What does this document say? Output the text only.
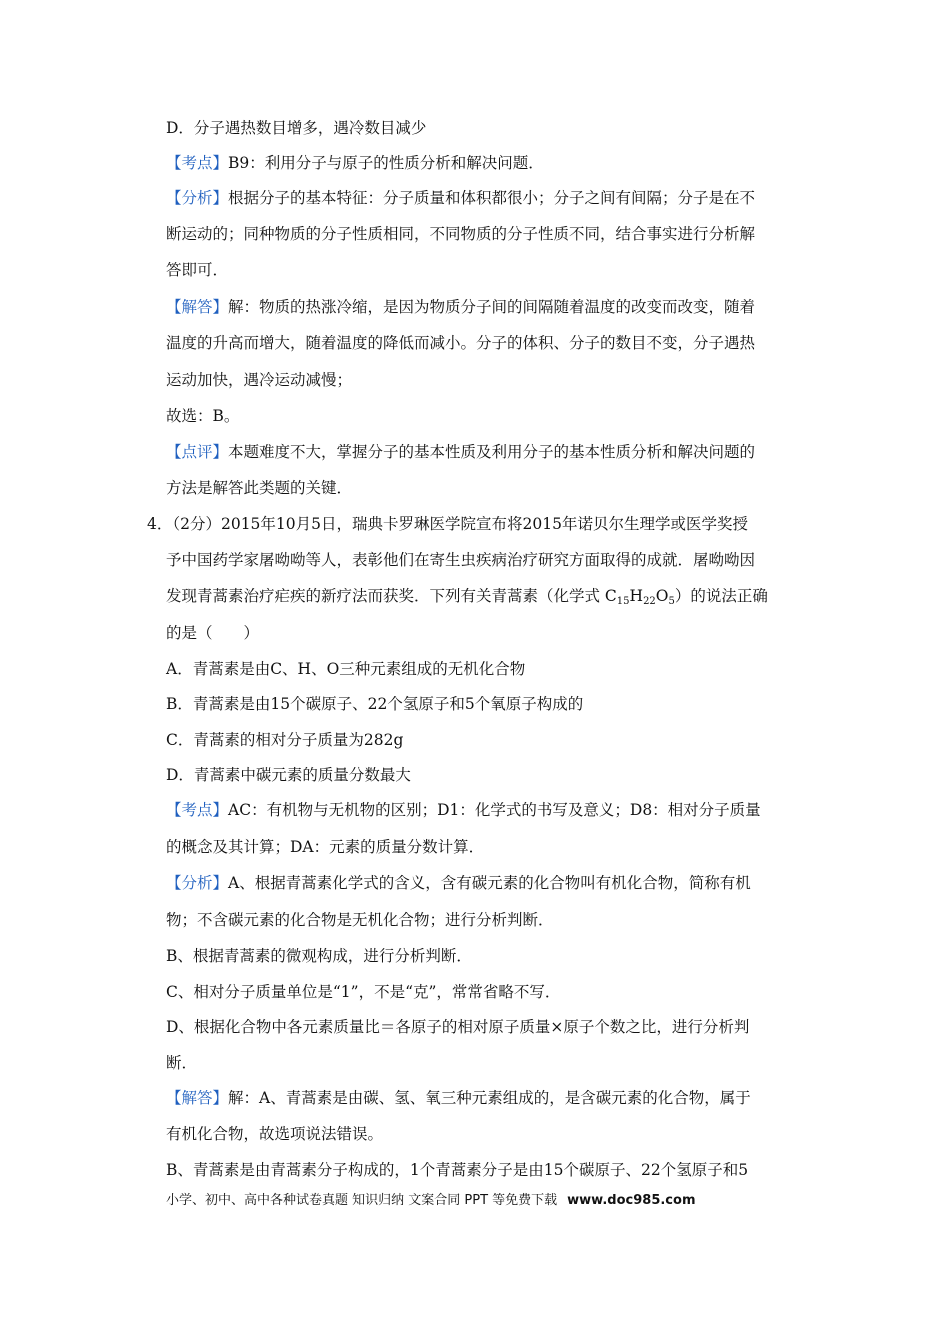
D．分子遇热数目增多，遇冷数目减少
【考点】B9：利用分子与原子的性质分析和解决问题．
【分析】根据分子的基本特征：分子质量和体积都很小；分子之间有间隔；分子是在不
断运动的；同种物质的分子性质相同，不同物质的分子性质不同，结合事实进行分析解
答即可．
【解答】解：物质的热涨冷缩，是因为物质分子间的间隔随着温度的改变而改变，随着
温度的升高而增大，随着温度的降低而减小。分子的体积、分子的数目不变，分子遇热
运动加快，遇冷运动减慢；
故选：B。
【点评】本题难度不大，掌握分子的基本性质及利用分子的基本性质分析和解决问题的
方法是解答此类题的关键．
4．（2分）2015年10月5日，瑞典卡罗琳医学院宣布将2015年诺贝尔生理学或医学奖授
予中国药学家屠呦呦等人，表彰他们在寄生虫疾病治疗研究方面取得的成就．屠呦呦因
发现青蒿素治疗疟疾的新疗法而获奖．下列有关青蒿素（化学式 $C_{15}H_{22}O_5$）的说法正确
的是（　　）
A．青蒿素是由C、H、O三种元素组成的无机化合物
B．青蒿素是由15个碳原子、22个氢原子和5个氧原子构成的
C．青蒿素的相对分子质量为282g
D．青蒿素中碳元素的质量分数最大
【考点】AC：有机物与无机物的区别；D1：化学式的书写及意义；D8：相对分子质量
的概念及其计算；DA：元素的质量分数计算．
【分析】A、根据青蒿素化学式的含义，含有碳元素的化合物叫有机化合物，简称有机
物；不含碳元素的化合物是无机化合物；进行分析判断．
B、根据青蒿素的微观构成，进行分析判断．
C、相对分子质量单位是“1”，不是“克”，常常省略不写．
D、根据化合物中各元素质量比＝各原子的相对原子质量×原子个数之比，进行分析判
断．
【解答】解：A、青蒿素是由碳、氢、氧三种元素组成的，是含碳元素的化合物，属于
有机化合物，故选项说法错误。
B、青蒿素是由青蒿素分子构成的，1个青蒿素分子是由15个碳原子、22个氢原子和5
小学、初中、高中各种试卷真题 知识归纳 文案合同 PPT 等免费下载 www.doc985.com
